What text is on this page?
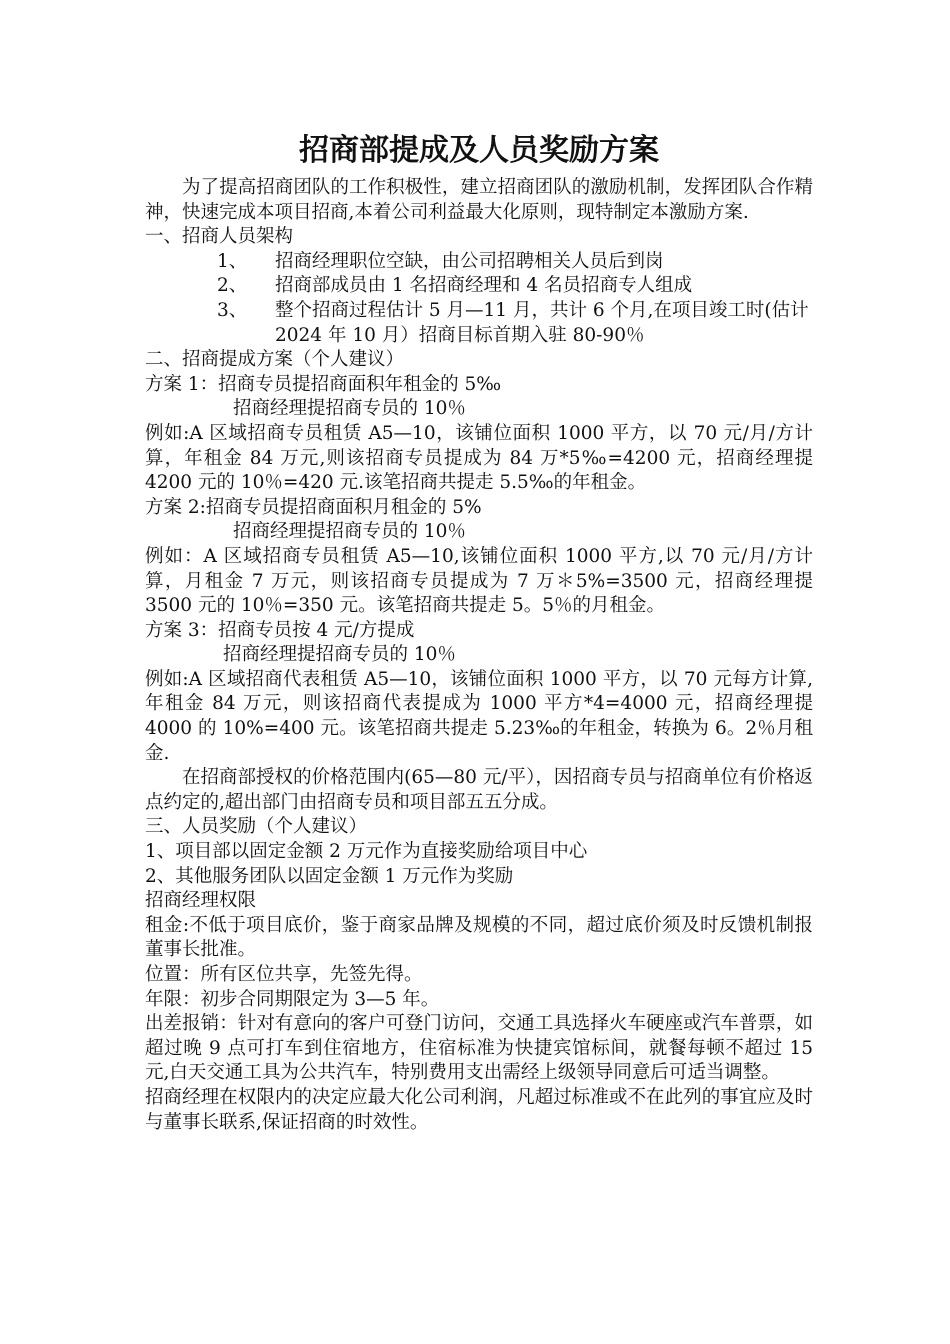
招商部提成及人员奖励方案

为了提高招商团队的工作积极性，建立招商团队的激励机制，发挥团队合作精神，快速完成本项目招商,本着公司利益最大化原则，现特制定本激励方案.

一、招商人员架构

1、	招商经理职位空缺，由公司招聘相关人员后到岗
2、	招商部成员由 1 名招商经理和 4 名员招商专人组成
3、	整个招商过程估计 5 月—11 月，共计 6 个月,在项目竣工时(估计 2024 年 10 月）招商目标首期入驻 80-90％

二、招商提成方案（个人建议）

方案 1：招商专员提招商面积年租金的 5‰

招商经理提招商专员的 10％

例如:A 区域招商专员租赁 A5—10，该铺位面积 1000 平方，以 70 元/月/方计算，年租金 84 万元,则该招商专员提成为 84 万*5‰=4200 元，招商经理提 4200 元的 10％=420 元.该笔招商共提走 5.5‰的年租金。

方案 2:招商专员提招商面积月租金的 5%

招商经理提招商专员的 10％

例如：A 区域招商专员租赁 A5—10,该铺位面积 1000 平方,以 70 元/月/方计算，月租金 7 万元，则该招商专员提成为 7 万＊5%=3500 元，招商经理提 3500 元的 10％=350 元。该笔招商共提走 5。5％的月租金。

方案 3：招商专员按 4 元/方提成

招商经理提招商专员的 10％

例如:A 区域招商代表租赁 A5—10，该铺位面积 1000 平方，以 70 元每方计算,年租金 84 万元，则该招商代表提成为 1000 平方*4=4000 元，招商经理提 4000 的 10%=400 元。该笔招商共提走 5.23‰的年租金，转换为 6。2％月租金.

在招商部授权的价格范围内(65—80 元/平），因招商专员与招商单位有价格返点约定的,超出部门由招商专员和项目部五五分成。

三、人员奖励（个人建议）

1、项目部以固定金额 2 万元作为直接奖励给项目中心

2、其他服务团队以固定金额 1 万元作为奖励

招商经理权限

租金:不低于项目底价，鉴于商家品牌及规模的不同，超过底价须及时反馈机制报董事长批准。

位置：所有区位共享，先签先得。

年限：初步合同期限定为 3—5 年。

出差报销：针对有意向的客户可登门访问，交通工具选择火车硬座或汽车普票，如超过晚 9 点可打车到住宿地方，住宿标准为快捷宾馆标间，就餐每顿不超过 15 元,白天交通工具为公共汽车，特别费用支出需经上级领导同意后可适当调整。

招商经理在权限内的决定应最大化公司利润，凡超过标准或不在此列的事宜应及时与董事长联系,保证招商的时效性。
